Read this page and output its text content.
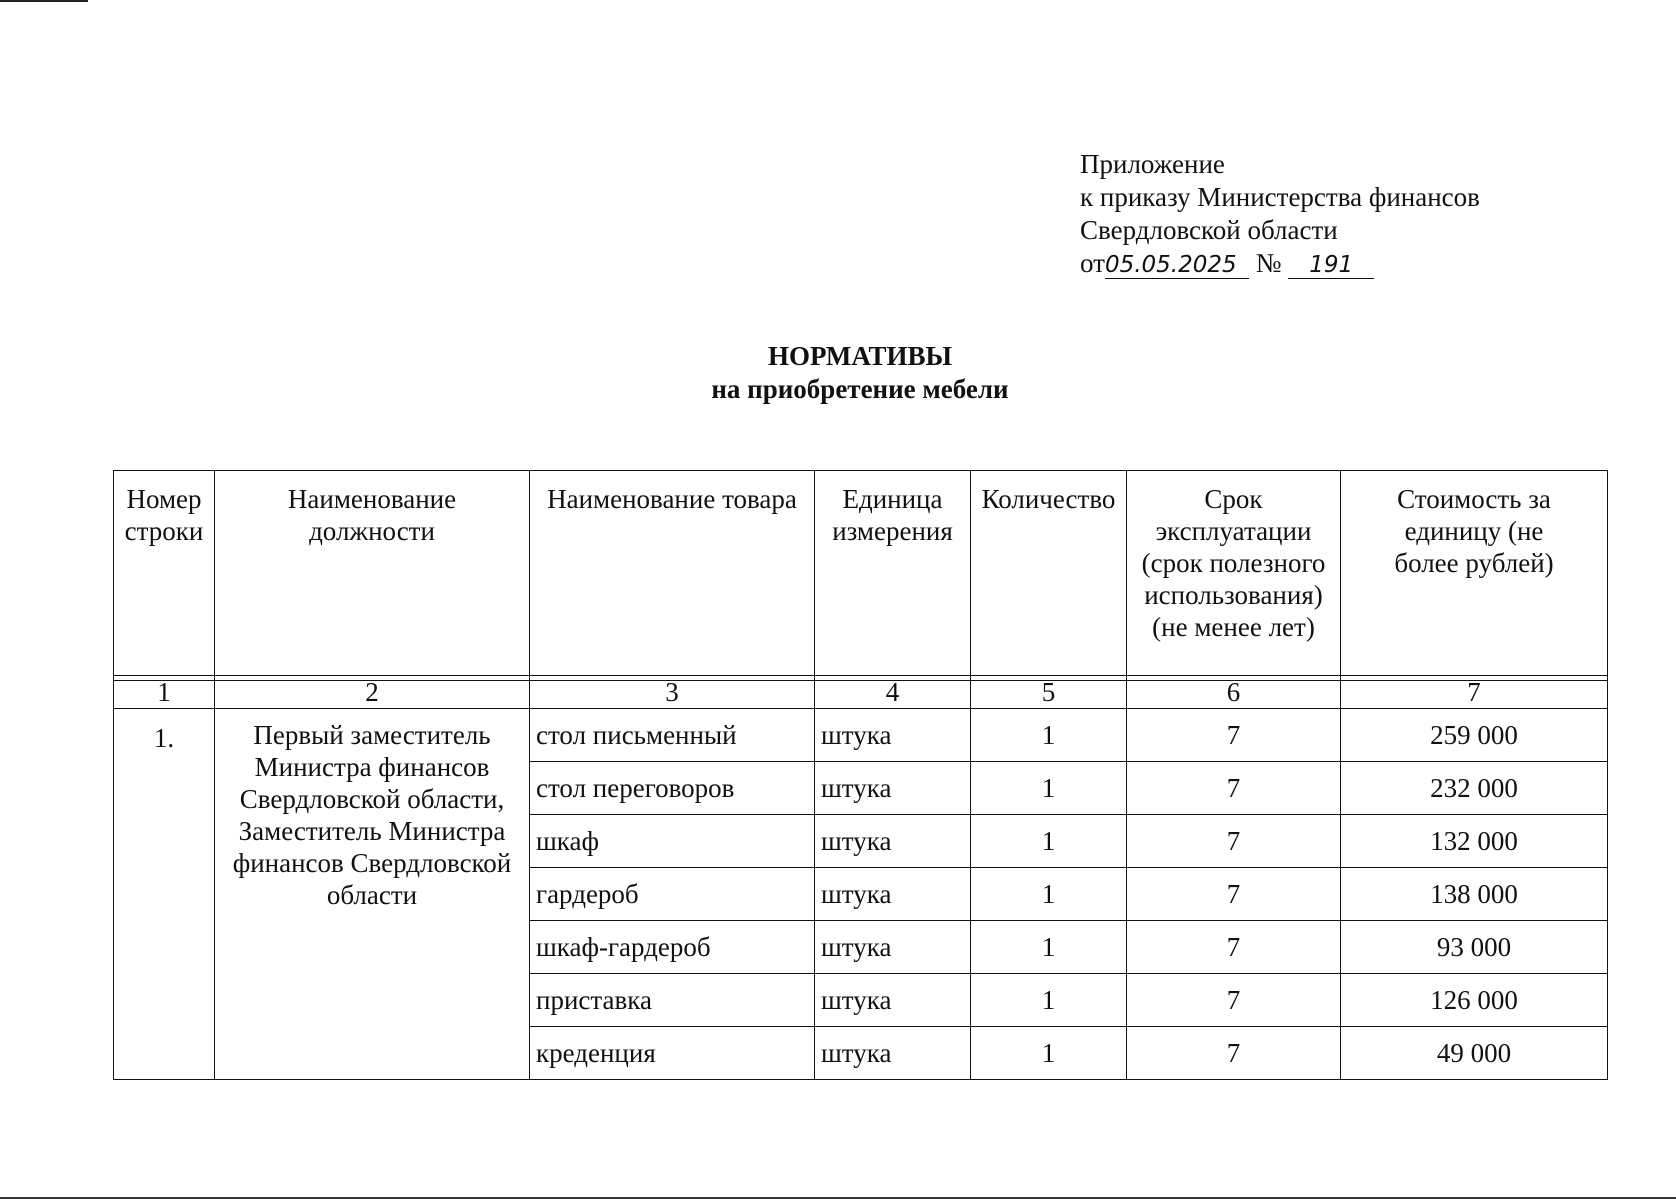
Приложение
к приказу Министерства финансов
Свердловской области
от05.05.2025 № 191
НОРМАТИВЫ
на приобретение мебели
Номер строки	Наименование должности	Наименование товара	Единица измерения	Количество	Срок эксплуатации (срок полезного использования) (не менее лет)	Стоимость за единицу (не более рублей)
1	2	3	4	5	6	7
1.	Первый заместитель Министра финансов Свердловской области, Заместитель Министра финансов Свердловской области	стол письменный	штука	1	7	259 000
		стол переговоров	штука	1	7	232 000
		шкаф	штука	1	7	132 000
		гардероб	штука	1	7	138 000
		шкаф-гардероб	штука	1	7	93 000
		приставка	штука	1	7	126 000
		креденция	штука	1	7	49 000
